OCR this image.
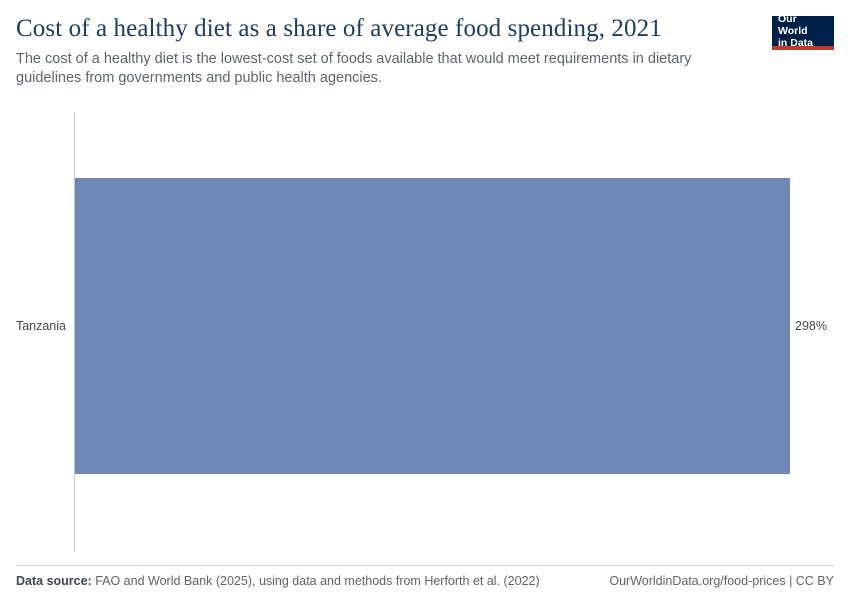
Cost of a healthy diet as a share of average food spending, 2021

The cost of a healthy diet is the lowest-cost set of foods available that would meet requirements in dietary guidelines from governments and public health agencies.

Our World
in Data
Tanzania	298%
Data source: FAO and World Bank (2025), using data and methods from Herforth et al. (2022)	OurWorldinData.org/food-prices | CC BY
